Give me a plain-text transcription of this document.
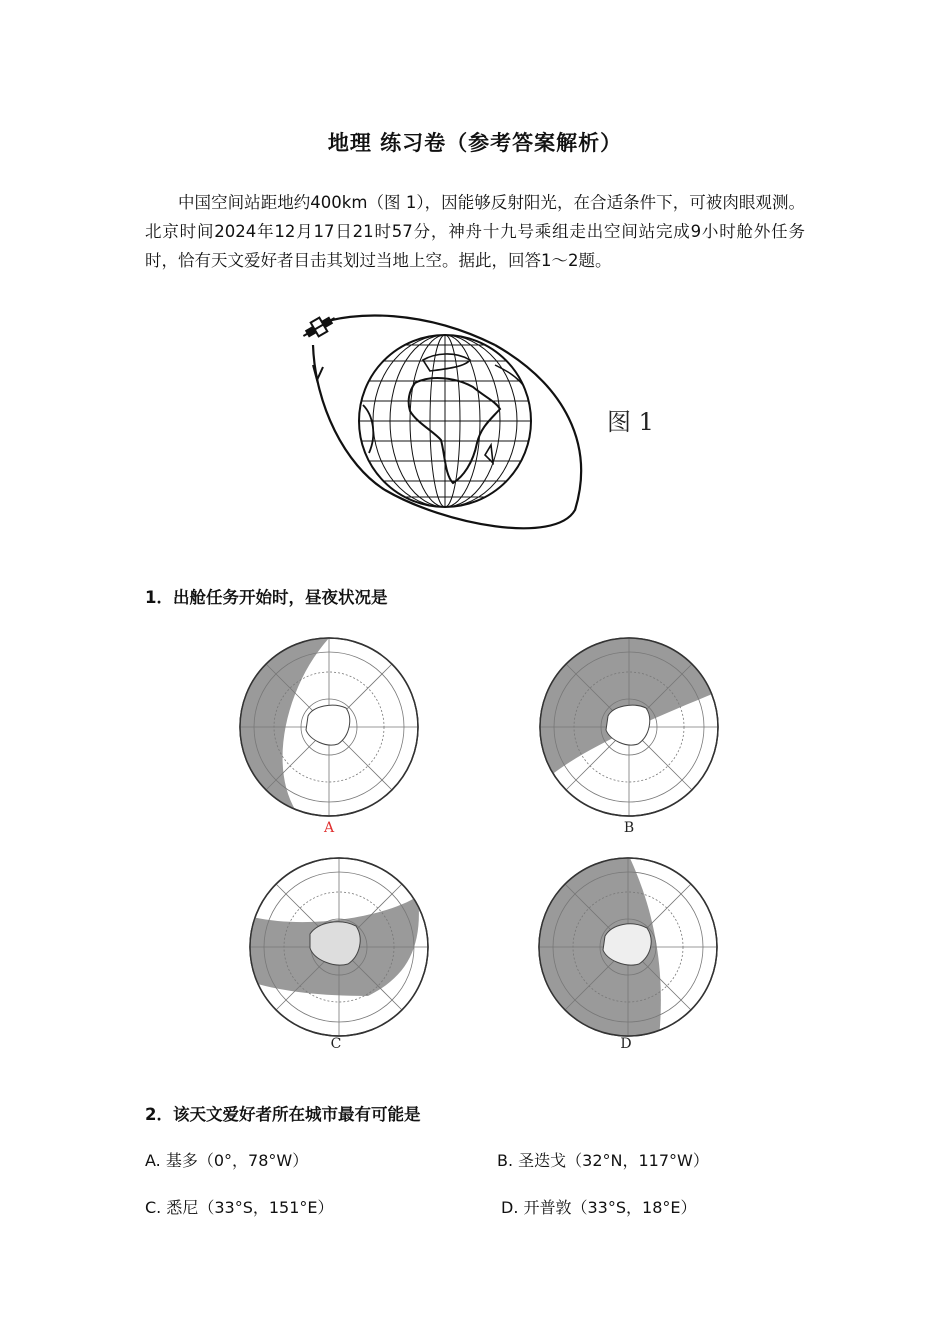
地理 练习卷（参考答案解析）
中国空间站距地约400km（图 1），因能够反射阳光，在合适条件下，可被肉眼观测。北京时间2024年12月17日21时57分，神舟十九号乘组走出空间站完成9小时舱外任务时，恰有天文爱好者目击其划过当地上空。据此，回答1～2题。
图 1
1．出舱任务开始时，昼夜状况是
A	B
C	D
2．该天文爱好者所在城市最有可能是
A. 基多（0°，78°W）	B. 圣迭戈（32°N，117°W）
C. 悉尼（33°S，151°E）	D. 开普敦（33°S，18°E）
